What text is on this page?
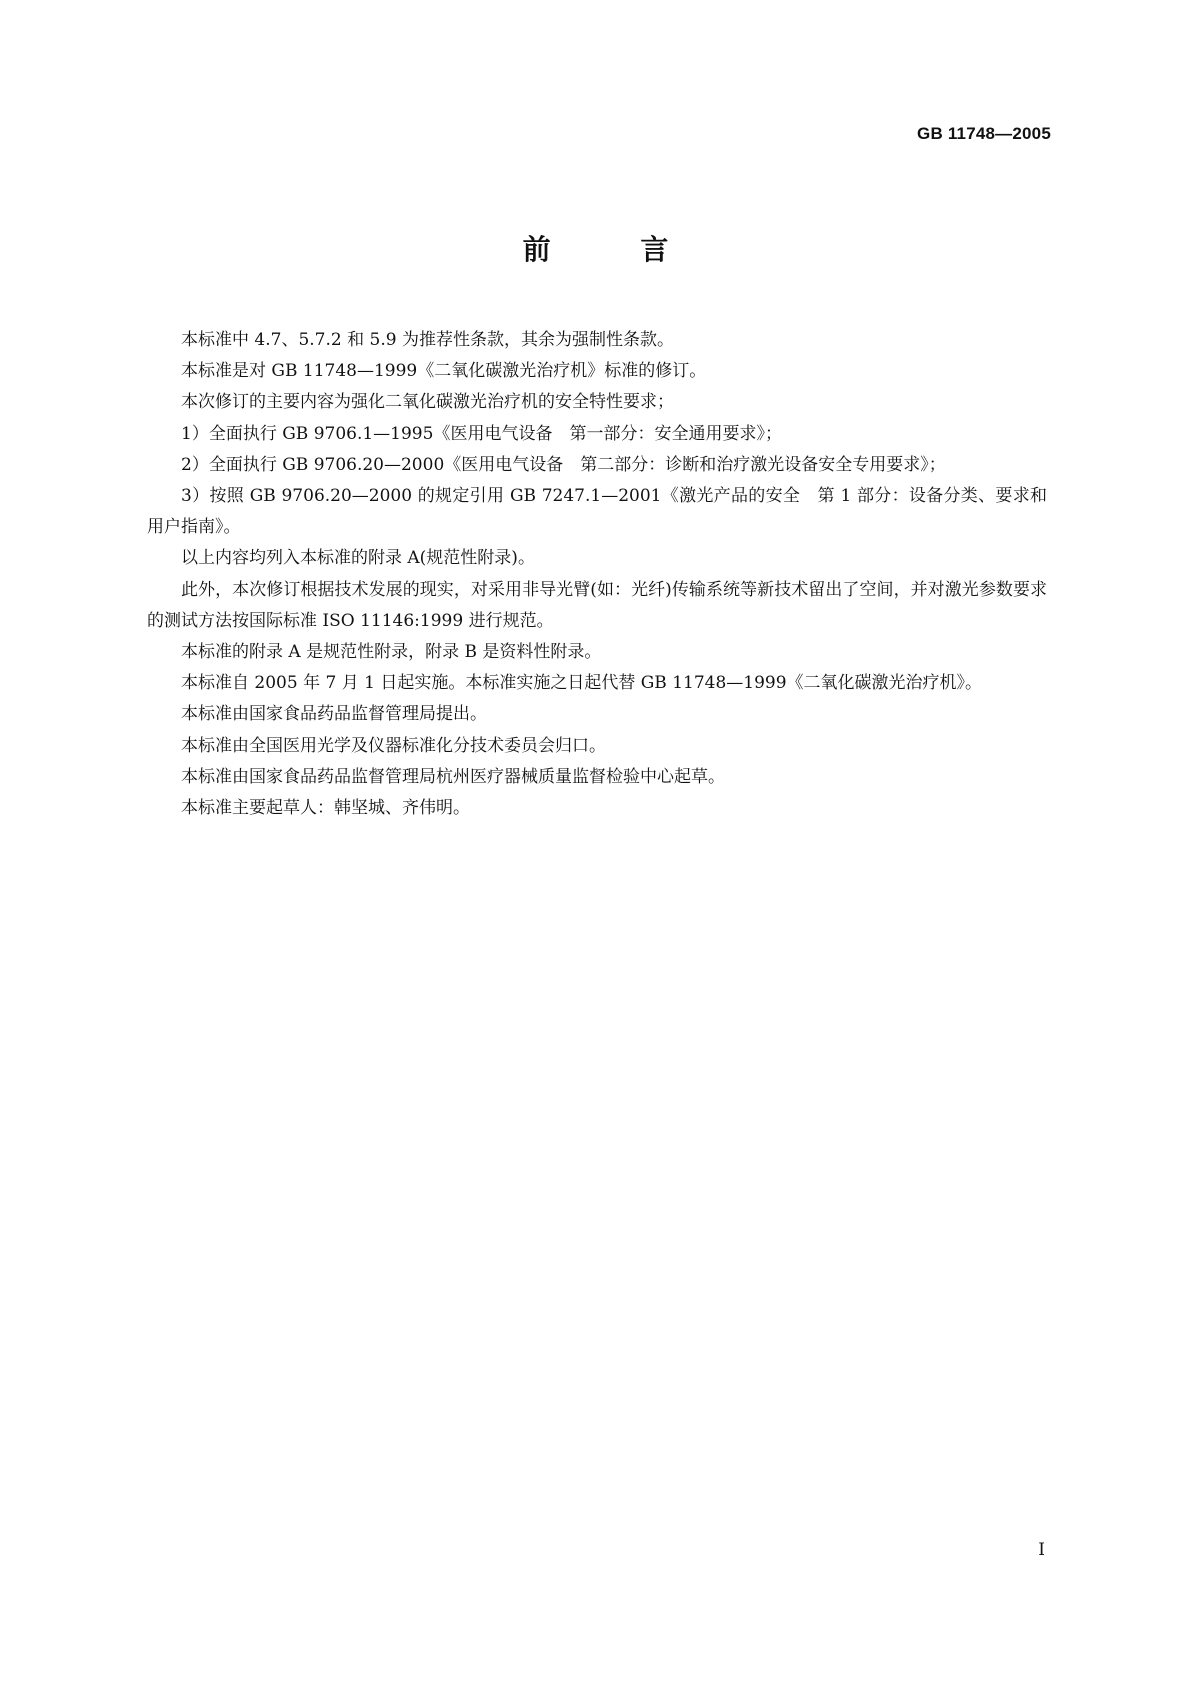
GB 11748—2005
前 言

本标准中 4.7、5.7.2 和 5.9 为推荐性条款，其余为强制性条款。

本标准是对 GB 11748—1999《二氧化碳激光治疗机》标准的修订。

本次修订的主要内容为强化二氧化碳激光治疗机的安全特性要求；

1）全面执行 GB 9706.1—1995《医用电气设备　第一部分：安全通用要求》；

2）全面执行 GB 9706.20—2000《医用电气设备　第二部分：诊断和治疗激光设备安全专用要求》；

3）按照 GB 9706.20—2000 的规定引用 GB 7247.1—2001《激光产品的安全　第 1 部分：设备分类、要求和用户指南》。

以上内容均列入本标准的附录 A(规范性附录)。

此外，本次修订根据技术发展的现实，对采用非导光臂(如：光纤)传输系统等新技术留出了空间，并对激光参数要求的测试方法按国际标准 ISO 11146:1999 进行规范。

本标准的附录 A 是规范性附录，附录 B 是资料性附录。

本标准自 2005 年 7 月 1 日起实施。本标准实施之日起代替 GB 11748—1999《二氧化碳激光治疗机》。

本标准由国家食品药品监督管理局提出。

本标准由全国医用光学及仪器标准化分技术委员会归口。

本标准由国家食品药品监督管理局杭州医疗器械质量监督检验中心起草。

本标准主要起草人：韩坚城、齐伟明。

I
